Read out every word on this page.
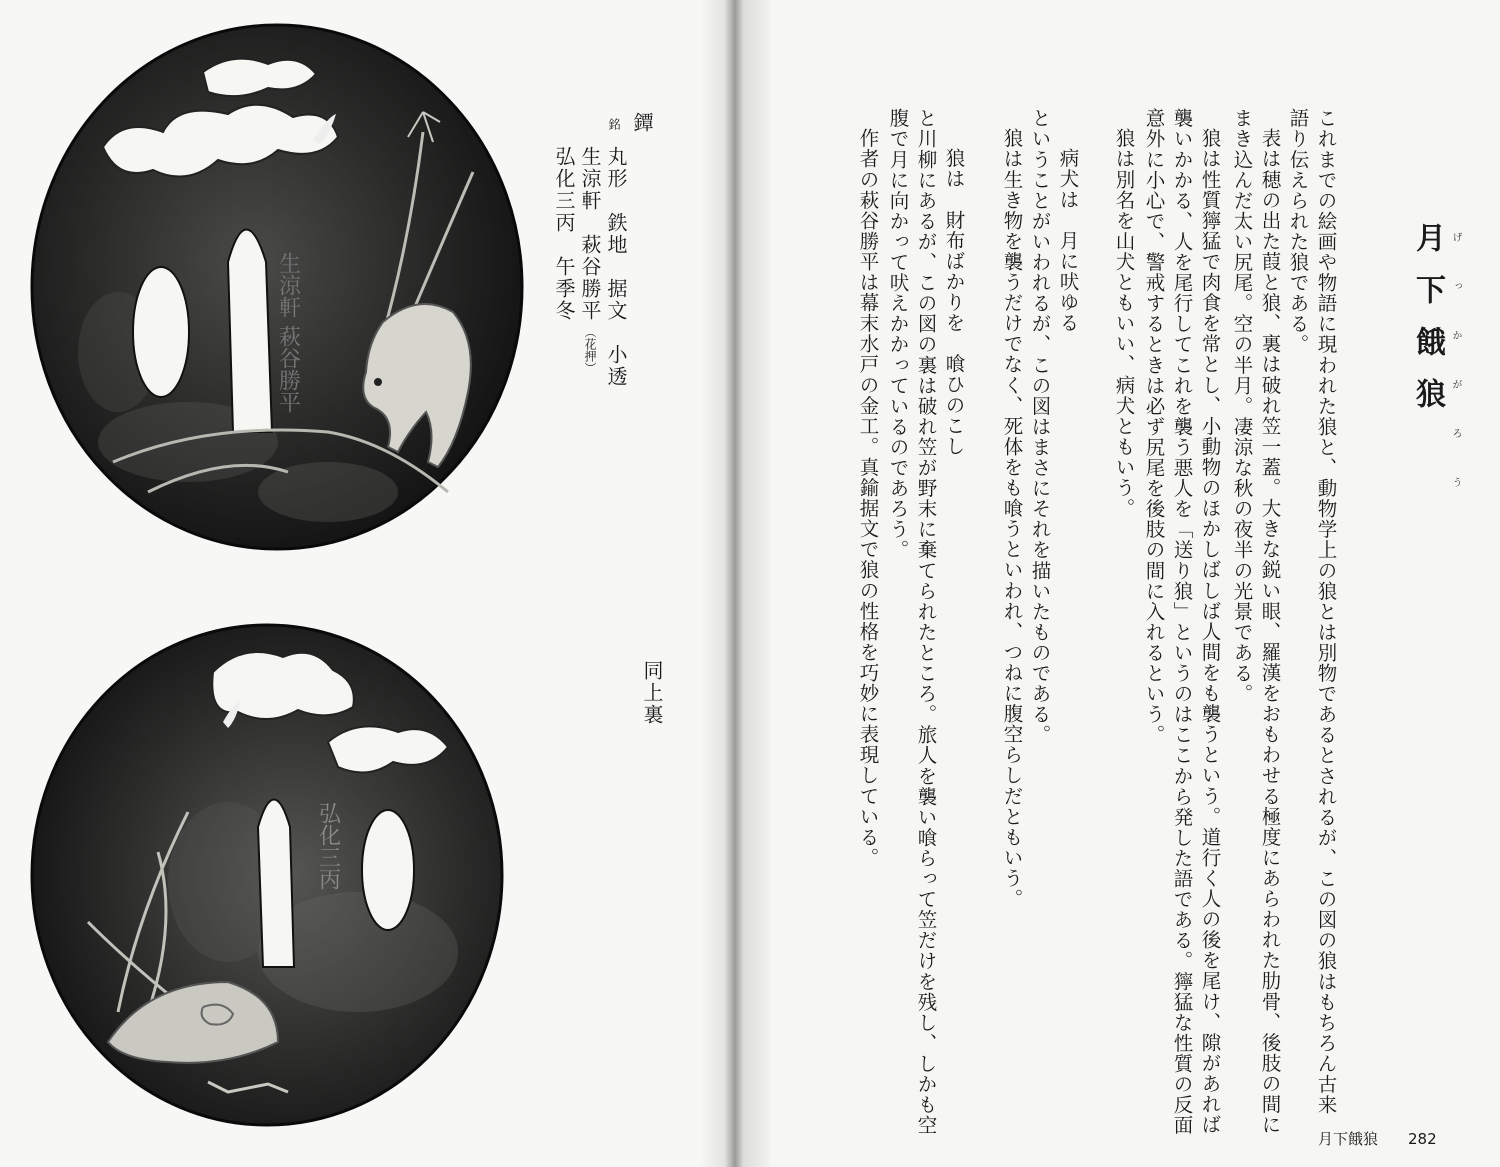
生涼軒 萩谷勝平
弘化三丙
鐔
丸形　鉄地　据文　小透
銘
生涼軒　萩谷勝平
（花押）
弘化三丙　午季冬
同上裏
月下餓狼 げっかがろう
これまでの絵画や物語に現われた狼と、動物学上の狼とは別物であるとされるが、この図の狼はもちろん古来
語り伝えられた狼である。
表は穂の出た葭と狼、裏は破れ笠一蓋。大きな鋭い眼、羅漢をおもわせる極度にあらわれた肋骨、後肢の間に
まき込んだ太い尻尾。空の半月。凄涼な秋の夜半の光景である。
狼は性質獰猛で肉食を常とし、小動物のほかしばしば人間をも襲うという。道行く人の後を尾け、隙があれば
襲いかかる、人を尾行してこれを襲う悪人を「送り狼」というのはここから発した語である。獰猛な性質の反面
意外に小心で、警戒するときは必ず尻尾を後肢の間に入れるという。
狼は別名を山犬ともいい、病犬ともいう。
病犬は　月に吠ゆる
ということがいわれるが、この図はまさにそれを描いたものである。
狼は生き物を襲うだけでなく、死体をも喰うといわれ、つねに腹空らしだともいう。
狼は　財布ばかりを　喰ひのこし
と川柳にあるが、この図の裏は破れ笠が野末に棄てられたところ。旅人を襲い喰らって笠だけを残し、しかも空
腹で月に向かって吠えかかっているのであろう。
作者の萩谷勝平は幕末水戸の金工。真鍮据文で狼の性格を巧妙に表現している。
月下餓狼 282
